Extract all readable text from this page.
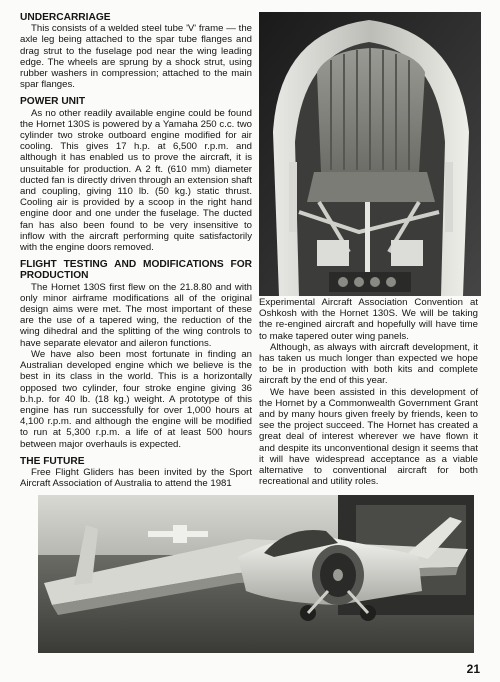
UNDERCARRIAGE

This consists of a welded steel tube 'V' frame — the axle leg being attached to the spar tube flanges and drag strut to the fuselage pod near the wing leading edge. The wheels are sprung by a shock strut, using rubber washers in compression; attached to the main spar flanges.

POWER UNIT

As no other readily available engine could be found the Hornet 130S is powered by a Yamaha 250 c.c. two cylinder two stroke outboard engine modified for air cooling. This gives 17 h.p. at 6,500 r.p.m. and although it has enabled us to prove the aircraft, it is unsuitable for production. A 2 ft. (610 mm) diameter ducted fan is directly driven through an extension shaft and coupling, giving 110 lb. (50 kg.) static thrust. Cooling air is provided by a scoop in the right hand engine door and one under the fuselage. The ducted fan has also been found to be very insensitive to inflow with the aircraft performing quite satisfactorily with the engine doors removed.

FLIGHT TESTING AND MODIFICATIONS FOR PRODUCTION

The Hornet 130S first flew on the 21.8.80 and with only minor airframe modifications all of the original design aims were met. The most important of these are the use of a tapered wing, the reduction of the wing dihedral and the splitting of the wing controls to have separate elevator and aileron functions.

We have also been most fortunate in finding an Australian developed engine which we believe is the best in its class in the world. This is a horizontally opposed two cylinder, four stroke engine giving 36 b.h.p. for 40 lb. (18 kg.) weight. A prototype of this engine has run successfully for over 1,000 hours at 4,100 r.p.m. and although the engine will be modified to run at 5,300 r.p.m. a life of at least 500 hours between major overhauls is expected.

THE FUTURE

Free Flight Gliders has been invited by the Sport Aircraft Association of Australia to attend the 1981

Experimental Aircraft Association Convention at Oshkosh with the Hornet 130S. We will be taking the re-engined aircraft and hopefully will have time to make tapered outer wing panels.

Although, as always with aircraft development, it has taken us much longer than expected we hope to be in production with both kits and complete aircraft by the end of this year.

We have been assisted in this development of the Hornet by a Commonwealth Government Grant and by many hours given freely by friends, keen to see the project succeed. The Hornet has created a great deal of interest wherever we have flown it and despite its unconventional design it seems that it will have widespread acceptance as a viable alternative to conventional aircraft for both recreational and utility roles.

21
